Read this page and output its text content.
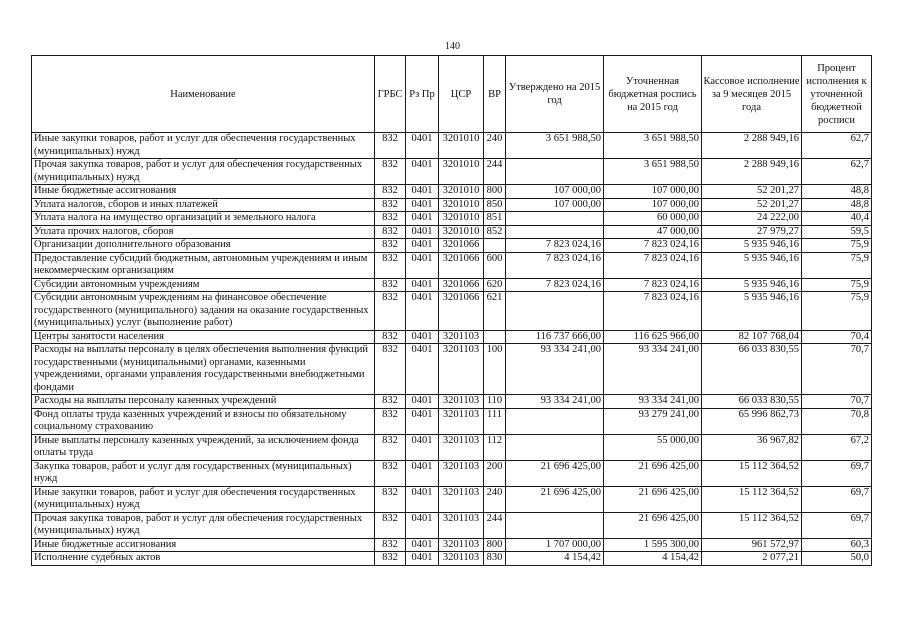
140
Наименование	ГРБС	Рз Пр	ЦСР	ВР	Утверждено на 2015 год	Уточненная бюджетная роспись на 2015 год	Кассовое исполнение за 9 месяцев 2015 года	Процент исполнения к уточненной бюджетной росписи
Иные закупки товаров, работ и услуг для обеспечения государственных (муниципальных) нужд	832	0401	3201010	240	3 651 988,50	3 651 988,50	2 288 949,16	62,7
Прочая закупка товаров, работ и услуг для обеспечения государственных (муниципальных) нужд	832	0401	3201010	244		3 651 988,50	2 288 949,16	62,7
Иные бюджетные ассигнования	832	0401	3201010	800	107 000,00	107 000,00	52 201,27	48,8
Уплата налогов, сборов и иных платежей	832	0401	3201010	850	107 000,00	107 000,00	52 201,27	48,8
Уплата налога на имущество организаций и земельного налога	832	0401	3201010	851		60 000,00	24 222,00	40,4
Уплата прочих налогов, сборов	832	0401	3201010	852		47 000,00	27 979,27	59,5
Организации дополнительного образования	832	0401	3201066		7 823 024,16	7 823 024,16	5 935 946,16	75,9
Предоставление субсидий бюджетным, автономным учреждениям и иным некоммерческим организациям	832	0401	3201066	600	7 823 024,16	7 823 024,16	5 935 946,16	75,9
Субсидии автономным учреждениям	832	0401	3201066	620	7 823 024,16	7 823 024,16	5 935 946,16	75,9
Субсидии автономным учреждениям на финансовое обеспечение государственного (муниципального) задания на оказание государственных (муниципальных) услуг (выполнение работ)	832	0401	3201066	621		7 823 024,16	5 935 946,16	75,9
Центры занятости населения	832	0401	3201103		116 737 666,00	116 625 966,00	82 107 768,04	70,4
Расходы на выплаты персоналу в целях обеспечения выполнения функций государственными (муниципальными) органами, казенными учреждениями, органами управления государственными внебюджетными фондами	832	0401	3201103	100	93 334 241,00	93 334 241,00	66 033 830,55	70,7
Расходы на выплаты персоналу казенных учреждений	832	0401	3201103	110	93 334 241,00	93 334 241,00	66 033 830,55	70,7
Фонд оплаты труда казенных учреждений и взносы по обязательному социальному страхованию	832	0401	3201103	111		93 279 241,00	65 996 862,73	70,8
Иные выплаты персоналу казенных учреждений, за исключением фонда оплаты труда	832	0401	3201103	112		55 000,00	36 967,82	67,2
Закупка товаров, работ и услуг для государственных (муниципальных) нужд	832	0401	3201103	200	21 696 425,00	21 696 425,00	15 112 364,52	69,7
Иные закупки товаров, работ и услуг для обеспечения государственных (муниципальных) нужд	832	0401	3201103	240	21 696 425,00	21 696 425,00	15 112 364,52	69,7
Прочая закупка товаров, работ и услуг для обеспечения государственных (муниципальных) нужд	832	0401	3201103	244		21 696 425,00	15 112 364,52	69,7
Иные бюджетные ассигнования	832	0401	3201103	800	1 707 000,00	1 595 300,00	961 572,97	60,3
Исполнение судебных актов	832	0401	3201103	830	4 154,42	4 154,42	2 077,21	50,0
